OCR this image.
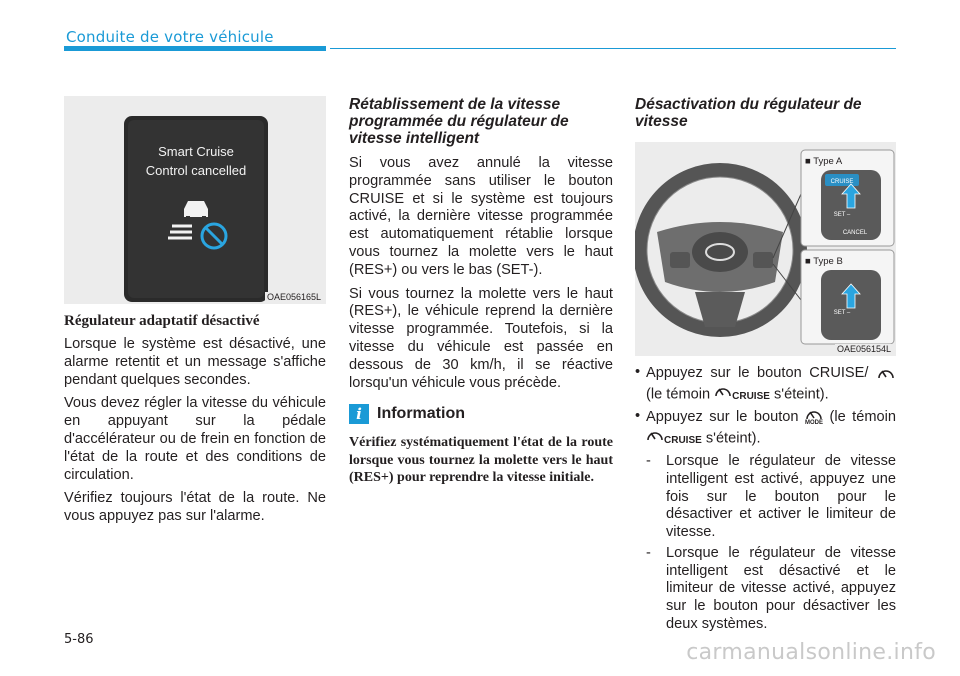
Conduite de votre véhicule
Smart Cruise
Control cancelled
OAE056165L
Régulateur adaptatif désactivé

Lorsque le système est désactivé, une alarme retentit et un message s'affiche pendant quelques secondes.

Vous devez régler la vitesse du véhicule en appuyant sur la pédale d'accélérateur ou de frein en fonction de l'état de la route et des conditions de circulation.

Vérifiez toujours l'état de la route. Ne vous appuyez pas sur l'alarme.

Rétablissement de la vitesse programmée du régulateur de vitesse intelligent

Si vous avez annulé la vitesse programmée sans utiliser le bouton CRUISE et si le système est toujours activé, la dernière vitesse programmée est automatiquement rétablie lorsque vous tournez la molette vers le haut (RES+) ou vers le bas (SET-).

Si vous tournez la molette vers le haut (RES+), le véhicule reprend la dernière vitesse programmée. Toutefois, si la vitesse du véhicule est passée en dessous de 30 km/h, il se réactive lorsqu'un véhicule vous précède.

i Information
Vérifiez systématiquement l'état de la route lorsque vous tournez la molette vers le haut (RES+) pour reprendre la vitesse initiale.
Désactivation du régulateur de vitesse
■ Type A
CRUISE
SET –
CANCEL
■ Type B
SET –
OAE056154L
• Appuyez sur le bouton CRUISE/  (le témoin CRUISE s'éteint).
• Appuyez sur le bouton MODE (le témoin CRUISE s'éteint).
- Lorsque le régulateur de vitesse intelligent est activé, appuyez une fois sur le bouton pour le désactiver et activer le limiteur de vitesse.
- Lorsque le régulateur de vitesse intelligent est désactivé et le limiteur de vitesse activé, appuyez sur le bouton pour désactiver les deux systèmes.
5-86
carmanualsonline.info
